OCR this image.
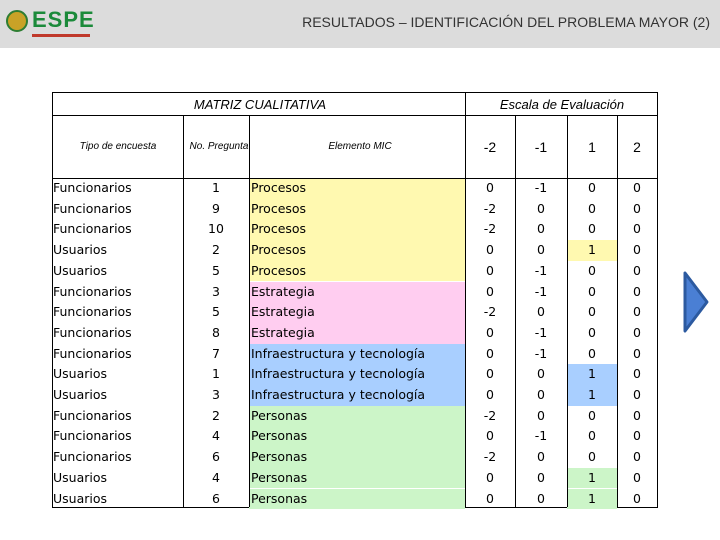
ESPE	RESULTADOS – IDENTIFICACIÓN DEL PROBLEMA MAYOR (2)
MATRIZ CUALITATIVA	Escala de Evaluación
Tipo de encuesta	No. Pregunta	Elemento MIC	-2	-1	1	2
Funcionarios	1	Procesos	0	-1	0	0
Funcionarios	9	Procesos	-2	0	0	0
Funcionarios	10	Procesos	-2	0	0	0
Usuarios	2	Procesos	0	0	1	0
Usuarios	5	Procesos	0	-1	0	0
Funcionarios	3	Estrategia	0	-1	0	0
Funcionarios	5	Estrategia	-2	0	0	0
Funcionarios	8	Estrategia	0	-1	0	0
Funcionarios	7	Infraestructura y tecnología	0	-1	0	0
Usuarios	1	Infraestructura y tecnología	0	0	1	0
Usuarios	3	Infraestructura y tecnología	0	0	1	0
Funcionarios	2	Personas	-2	0	0	0
Funcionarios	4	Personas	0	-1	0	0
Funcionarios	6	Personas	-2	0	0	0
Usuarios	4	Personas	0	0	1	0
Usuarios	6	Personas	0	0	1	0
